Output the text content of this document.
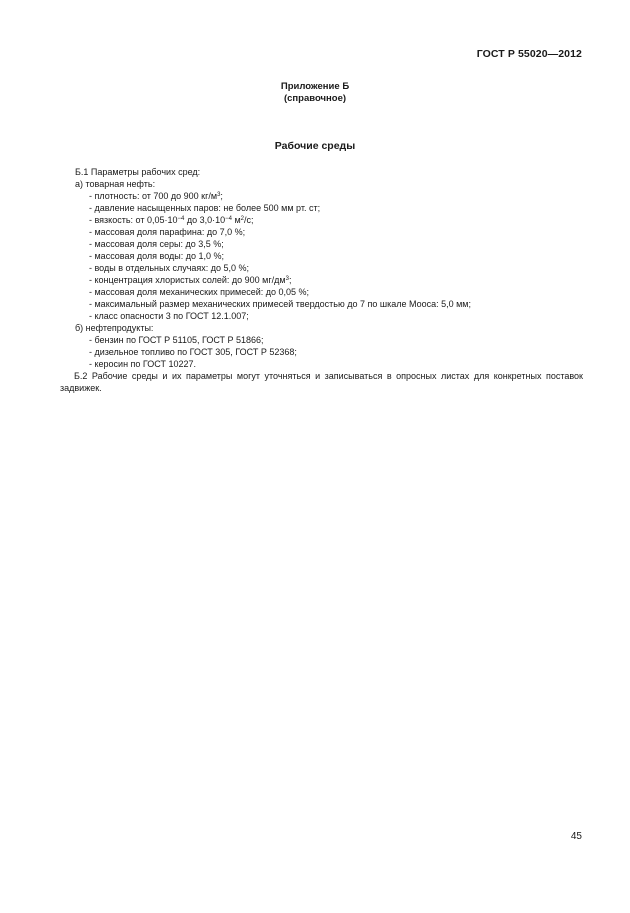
ГОСТ Р 55020—2012
Приложение Б
(справочное)
Рабочие среды
Б.1 Параметры рабочих сред:
а) товарная нефть:
- плотность: от 700 до 900 $кг/м^3$;
- давление насыщенных паров: не более 500 мм рт. ст;
- вязкость: от $0,05\cdot 10^{-4}$ до $3,0\cdot 10^{-4}$ $м^2/с$;
- массовая доля парафина: до 7,0 %;
- массовая доля серы: до 3,5 %;
- массовая доля воды: до 1,0 %;
- воды в отдельных случаях: до 5,0 %;
- концентрация хлористых солей: до 900 $мг/дм^3$;
- массовая доля механических примесей: до 0,05 %;
- максимальный размер механических примесей твердостью до 7 по шкале Мооса: 5,0 мм;
- класс опасности 3 по ГОСТ 12.1.007;
б) нефтепродукты:
- бензин по ГОСТ Р 51105, ГОСТ Р 51866;
- дизельное топливо по ГОСТ 305, ГОСТ Р 52368;
- керосин по ГОСТ 10227.
Б.2 Рабочие среды и их параметры могут уточняться и записываться в опросных листах для конкретных поставок задвижек.
45
